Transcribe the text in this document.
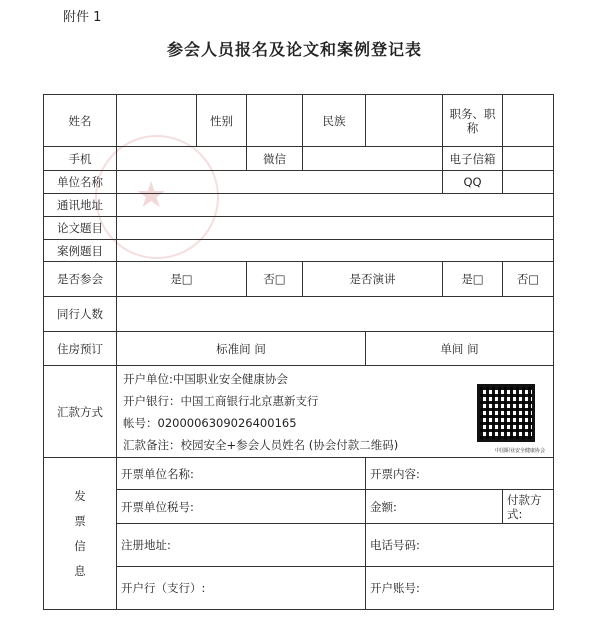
附件 1
参会人员报名及论文和案例登记表
★
姓名		性别		民族		职务、职称	
手机			微信			电子信箱	
单位名称						QQ	
通讯地址							
论文题目							
案例题目							
是否参会	是□		否□	是否演讲		是□	否□
同行人数							
住房预订	标准间 间				单间 间		
汇款方式	开户单位:中国职业安全健康协会
开户银行：中国工商银行北京惠新支行
帐号：0200006309026400165
汇款备注：校园安全+参会人员姓名 (协会付款二维码) 中国职业安全健康协会						

发
票
信
息	开票单位名称:				开票内容:		
	开票单位税号:				金额:		付款方式:
	注册地址:				电话号码:		
	开户行（支行）:				开户账号:		
